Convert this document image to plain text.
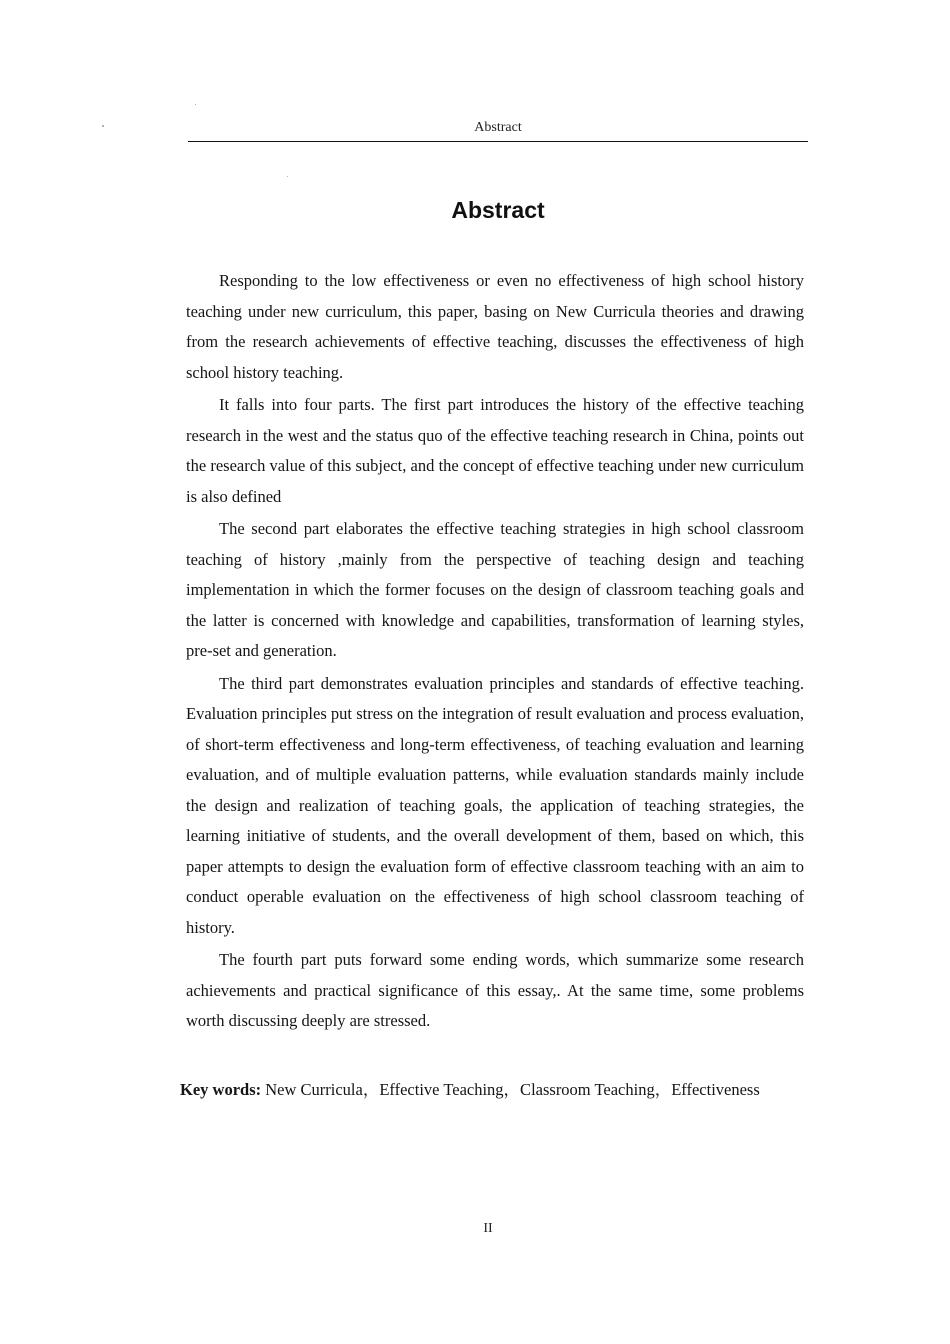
Abstract
Abstract

Responding to the low effectiveness or even no effectiveness of high school history teaching under new curriculum, this paper, basing on New Curricula theories and drawing from the research achievements of effective teaching, discusses the effectiveness of high school history teaching.

It falls into four parts. The first part introduces the history of the effective teaching research in the west and the status quo of the effective teaching research in China, points out the research value of this subject, and the concept of effective teaching under new curriculum is also defined

The second part elaborates the effective teaching strategies in high school classroom teaching of history ,mainly from the perspective of teaching design and teaching implementation in which the former focuses on the design of classroom teaching goals and the latter is concerned with knowledge and capabilities, transformation of learning styles, pre-set and generation.

The third part demonstrates evaluation principles and standards of effective teaching. Evaluation principles put stress on the integration of result evaluation and process evaluation, of short-term effectiveness and long-term effectiveness, of teaching evaluation and learning evaluation, and of multiple evaluation patterns, while evaluation standards mainly include the design and realization of teaching goals, the application of teaching strategies, the learning initiative of students, and the overall development of them, based on which, this paper attempts to design the evaluation form of effective classroom teaching with an aim to conduct operable evaluation on the effectiveness of high school classroom teaching of history.

The fourth part puts forward some ending words, which summarize some research achievements and practical significance of this essay,. At the same time, some problems worth discussing deeply are stressed.

Key words: New Curricula，Effective Teaching，Classroom Teaching，Effectiveness
II
